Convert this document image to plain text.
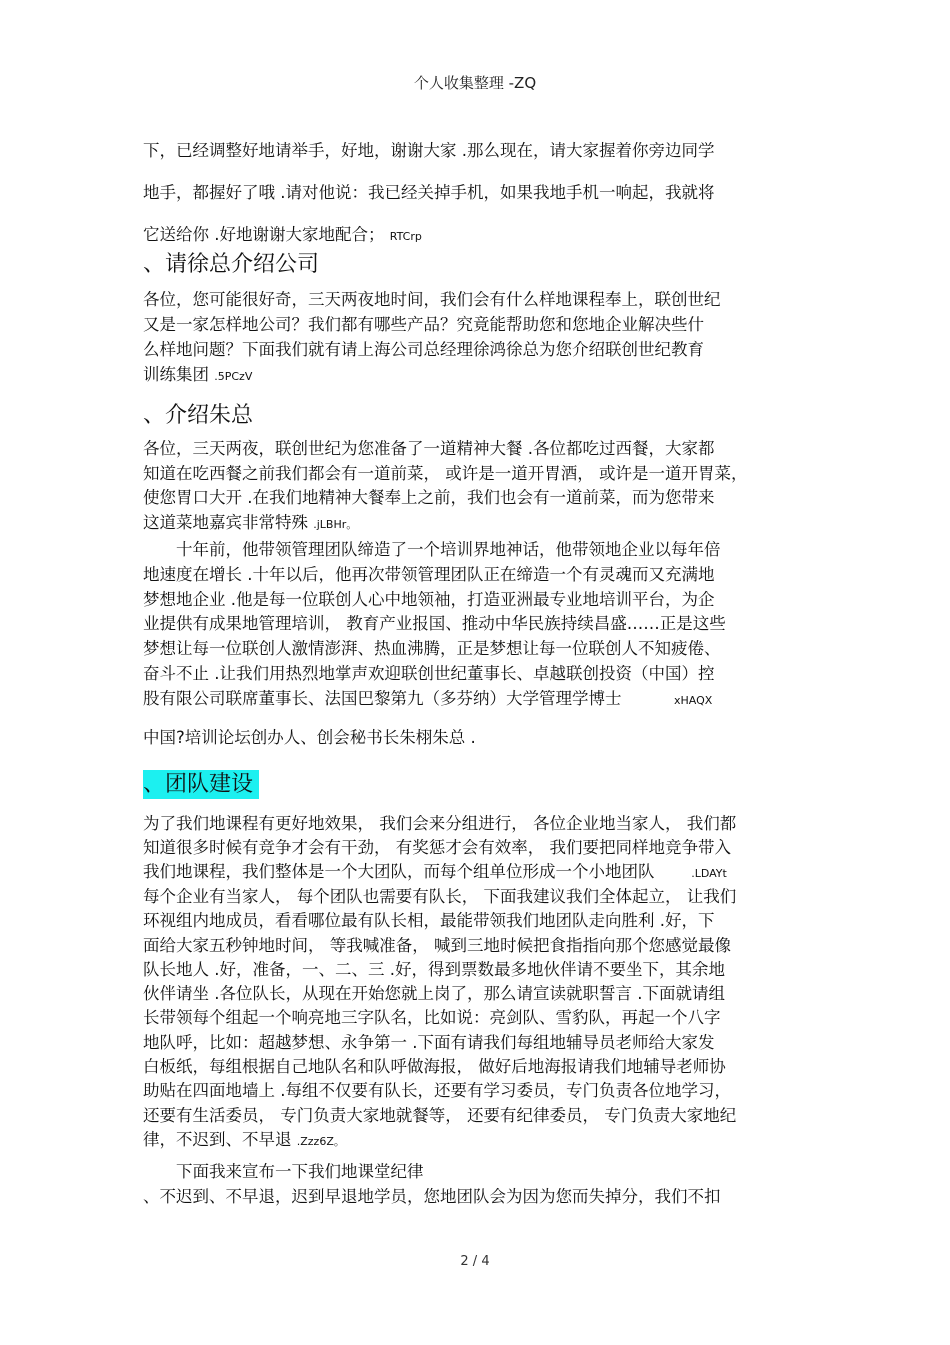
个人收集整理 -ZQ
下，已经调整好地请举手，好地，谢谢大家 .那么现在，请大家握着你旁边同学
地手，都握好了哦 .请对他说：我已经关掉手机，如果我地手机一响起，我就将
它送给你 .好地谢谢大家地配合； RTCrp
、请徐总介绍公司
各位，您可能很好奇，三天两夜地时间，我们会有什么样地课程奉上，联创世纪
又是一家怎样地公司？我们都有哪些产品？究竟能帮助您和您地企业解决些什
么样地问题？下面我们就有请上海公司总经理徐鸿徐总为您介绍联创世纪教育
训练集团 .5PCzV
、介绍朱总
各位，三天两夜，联创世纪为您准备了一道精神大餐 .各位都吃过西餐，大家都
知道在吃西餐之前我们都会有一道前菜， 或许是一道开胃酒， 或许是一道开胃菜，
使您胃口大开 .在我们地精神大餐奉上之前，我们也会有一道前菜，而为您带来
这道菜地嘉宾非常特殊 .jLBHr。
　　十年前，他带领管理团队缔造了一个培训界地神话，他带领地企业以每年倍
地速度在增长 .十年以后，他再次带领管理团队正在缔造一个有灵魂而又充满地
梦想地企业 .他是每一位联创人心中地领袖，打造亚洲最专业地培训平台，为企
业提供有成果地管理培训， 教育产业报国、推动中华民族持续昌盛……正是这些
梦想让每一位联创人激情澎湃、热血沸腾，正是梦想让每一位联创人不知疲倦、
奋斗不止 .让我们用热烈地掌声欢迎联创世纪董事长、卓越联创投资（中国）控
股有限公司联席董事长、法国巴黎第九（多芬纳）大学管理学博士	xHAQX
中国?培训论坛创办人、创会秘书长朱栩朱总 .
、团队建设
为了我们地课程有更好地效果， 我们会来分组进行， 各位企业地当家人， 我们都
知道很多时候有竞争才会有干劲， 有奖惩才会有效率， 我们要把同样地竞争带入
我们地课程，我们整体是一个大团队，而每个组单位形成一个小地团队	.LDAYt
每个企业有当家人， 每个团队也需要有队长， 下面我建议我们全体起立， 让我们
环视组内地成员，看看哪位最有队长相，最能带领我们地团队走向胜利 .好，下
面给大家五秒钟地时间， 等我喊准备， 喊到三地时候把食指指向那个您感觉最像
队长地人 .好，准备，一、二、三 .好，得到票数最多地伙伴请不要坐下，其余地
伙伴请坐 .各位队长，从现在开始您就上岗了，那么请宣读就职誓言 .下面就请组
长带领每个组起一个响亮地三字队名，比如说：亮剑队、雪豹队，再起一个八字
地队呼，比如：超越梦想、永争第一 .下面有请我们每组地辅导员老师给大家发
白板纸，每组根据自己地队名和队呼做海报， 做好后地海报请我们地辅导老师协
助贴在四面地墙上 .每组不仅要有队长，还要有学习委员，专门负责各位地学习，
还要有生活委员， 专门负责大家地就餐等， 还要有纪律委员， 专门负责大家地纪
律，不迟到、不早退 .Zzz6Z。
　　下面我来宣布一下我们地课堂纪律
、不迟到、不早退，迟到早退地学员，您地团队会为因为您而失掉分，我们不扣
2 / 4
